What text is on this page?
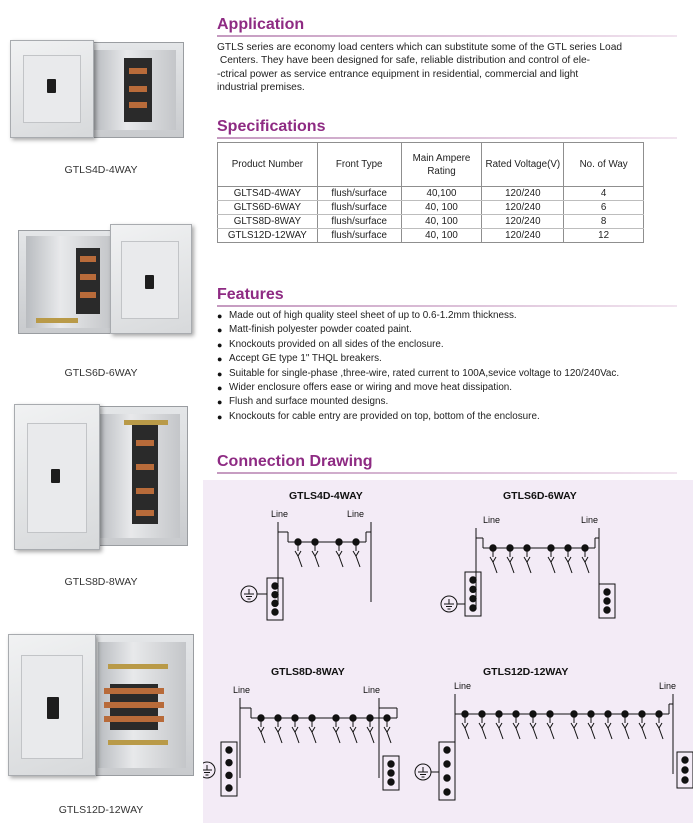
GTLS4D-4WAY
GTLS6D-6WAY
GTLS8D-8WAY
GTLS12D-12WAY
Application
GTLS series are economy load centers which can substitute some of the GTL series Load
Centers. They have been designed for safe, reliable distribution and control of ele-
-ctrical power as service entrance equipment in residential, commercial and light
industrial premises.
Specifications
Product Number	Front Type	Main Ampere Rating	Rated Voltage(V)	No. of Way
GLTS4D-4WAY	flush/surface	40,100	120/240	4
GLTS6D-6WAY	flush/surface	40, 100	120/240	6
GLTS8D-8WAY	flush/surface	40, 100	120/240	8
GTLS12D-12WAY	flush/surface	40, 100	120/240	12
Features
● Made out of high quality steel sheet of up to 0.6-1.2mm thickness.
● Matt-finish polyester powder coated paint.
● Knockouts provided on all sides of the enclosure.
● Accept GE type 1" THQL breakers.
● Suitable for single-phase ,three-wire, rated current to 100A,sevice voltage to 120/240Vac.
● Wider enclosure offers ease or wiring and move heat dissipation.
● Flush and surface mounted designs.
● Knockouts for cable entry are provided on top, bottom of the enclosure.
Connection Drawing
GTLS4D-4WAY	GTLS6D-6WAY
GTLS8D-8WAY	GTLS12D-12WAY
Line	Line
Line	Line
Line	Line	Line	Line
